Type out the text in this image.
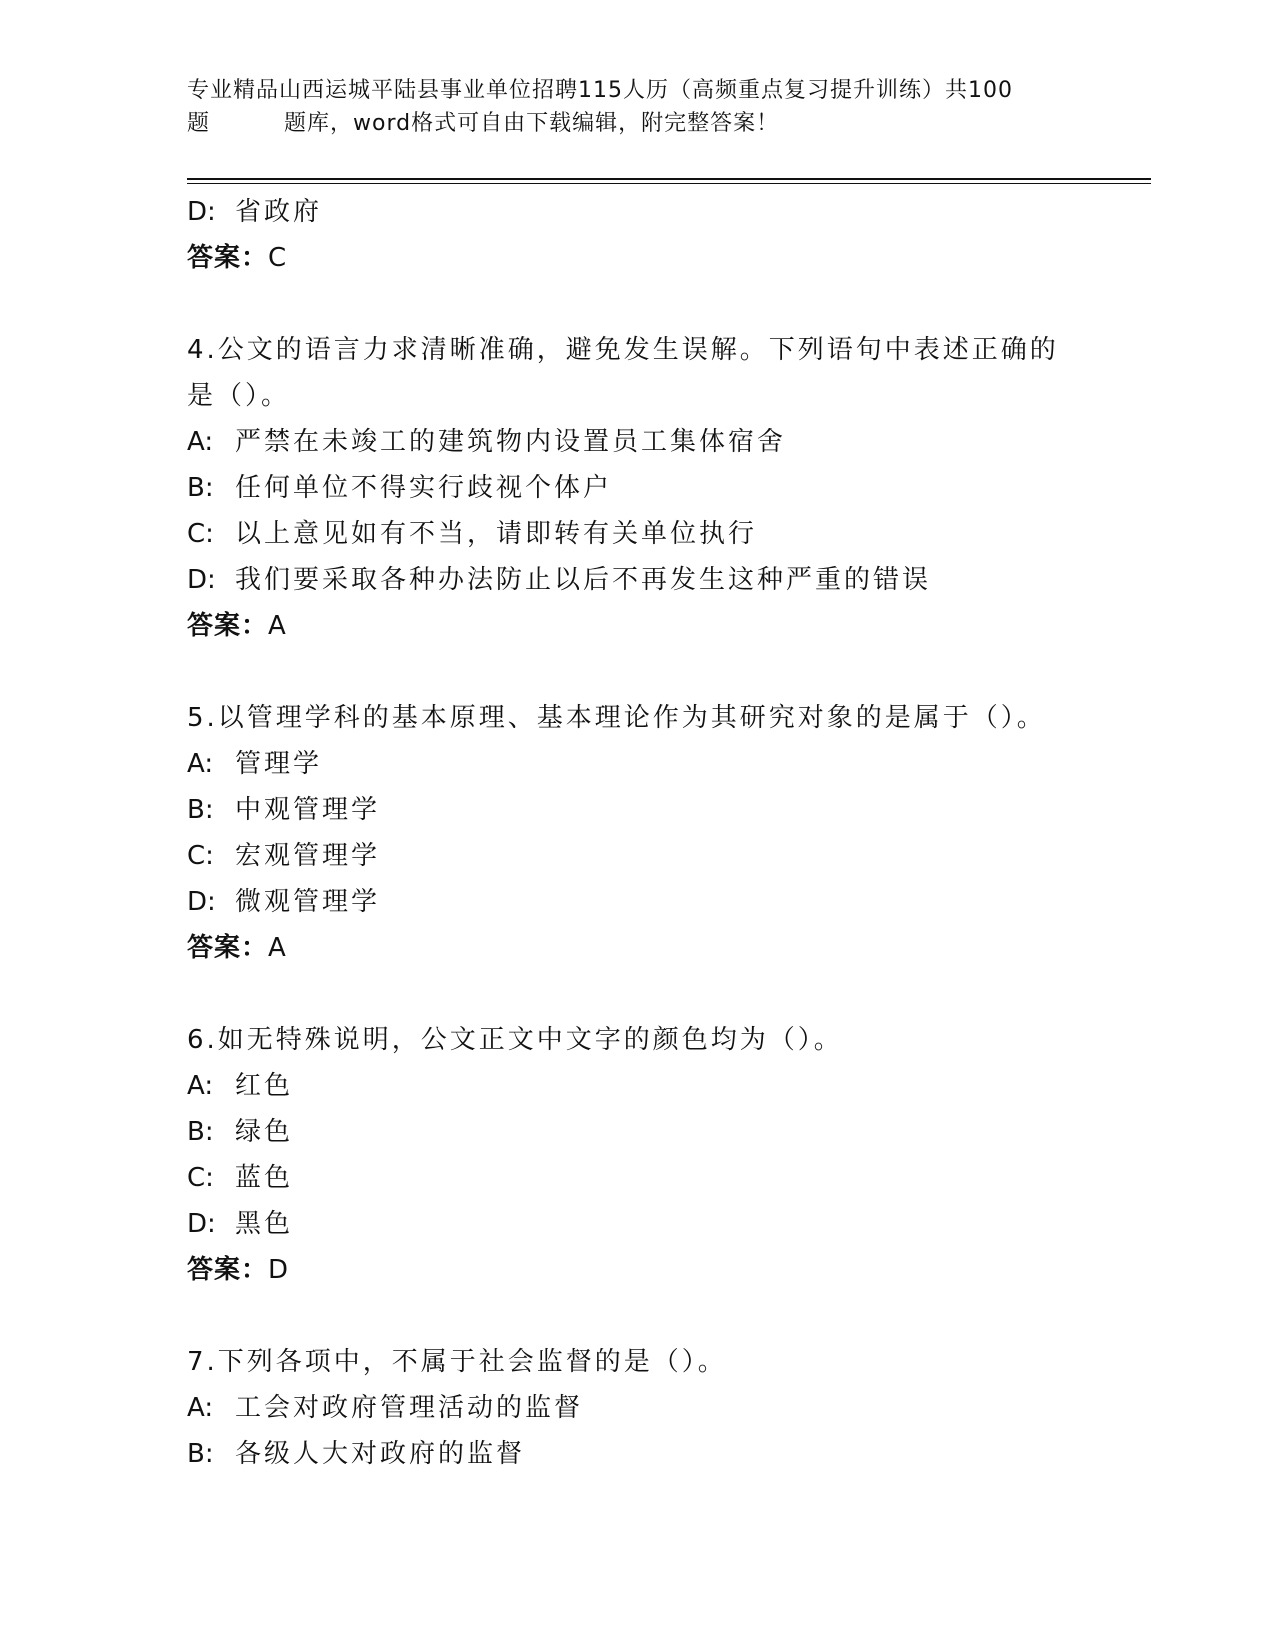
专业精品山西运城平陆县事业单位招聘115人历（高频重点复习提升训练）共100
题	题库，word格式可自由下载编辑，附完整答案！
D: 省政府
答案：C
4.公文的语言力求清晰准确，避免发生误解。下列语句中表述正确的
是（）。
A: 严禁在未竣工的建筑物内设置员工集体宿舍
B: 任何单位不得实行歧视个体户
C: 以上意见如有不当，请即转有关单位执行
D: 我们要采取各种办法防止以后不再发生这种严重的错误
答案：A
5.以管理学科的基本原理、基本理论作为其研究对象的是属于（）。
A: 管理学
B: 中观管理学
C: 宏观管理学
D: 微观管理学
答案：A
6.如无特殊说明，公文正文中文字的颜色均为（）。
A: 红色
B: 绿色
C: 蓝色
D: 黑色
答案：D
7.下列各项中，不属于社会监督的是（）。
A: 工会对政府管理活动的监督
B: 各级人大对政府的监督
